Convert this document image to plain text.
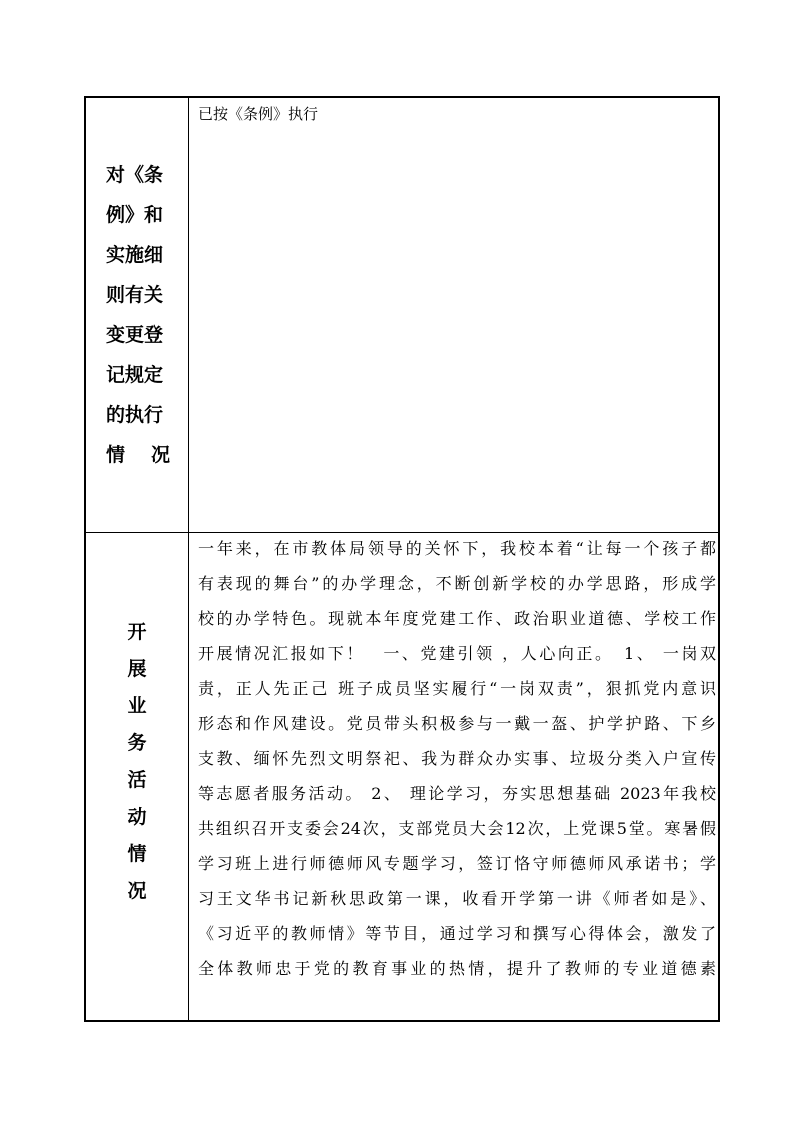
对《条
例》和
实施细
则有关
变更登
记规定
的执行
情 况
已按《条例》执行
开
展
业
务
活
动
情
况
一年来，在市教体局领导的关怀下，我校本着“让每一个孩子都
有表现的舞台”的办学理念，不断创新学校的办学思路，形成学
校的办学特色。现就本年度党建工作、政治职业道德、学校工作
开展情况汇报如下！　一、党建引领 ，人心向正。　1、 一岗双
责，正人先正己 班子成员坚实履行“一岗双责”，狠抓党内意识
形态和作风建设。党员带头积极参与一戴一盔、护学护路、下乡
支教、缅怀先烈文明祭祀、我为群众办实事、垃圾分类入户宣传
等志愿者服务活动。 2、 理论学习，夯实思想基础 2023年我校
共组织召开支委会24次，支部党员大会12次，上党课5堂。寒暑假
学习班上进行师德师风专题学习，签订恪守师德师风承诺书；学
习王文华书记新秋思政第一课，收看开学第一讲《师者如是》、
《习近平的教师情》等节目，通过学习和撰写心得体会，激发了
全体教师忠于党的教育事业的热情，提升了教师的专业道德素
